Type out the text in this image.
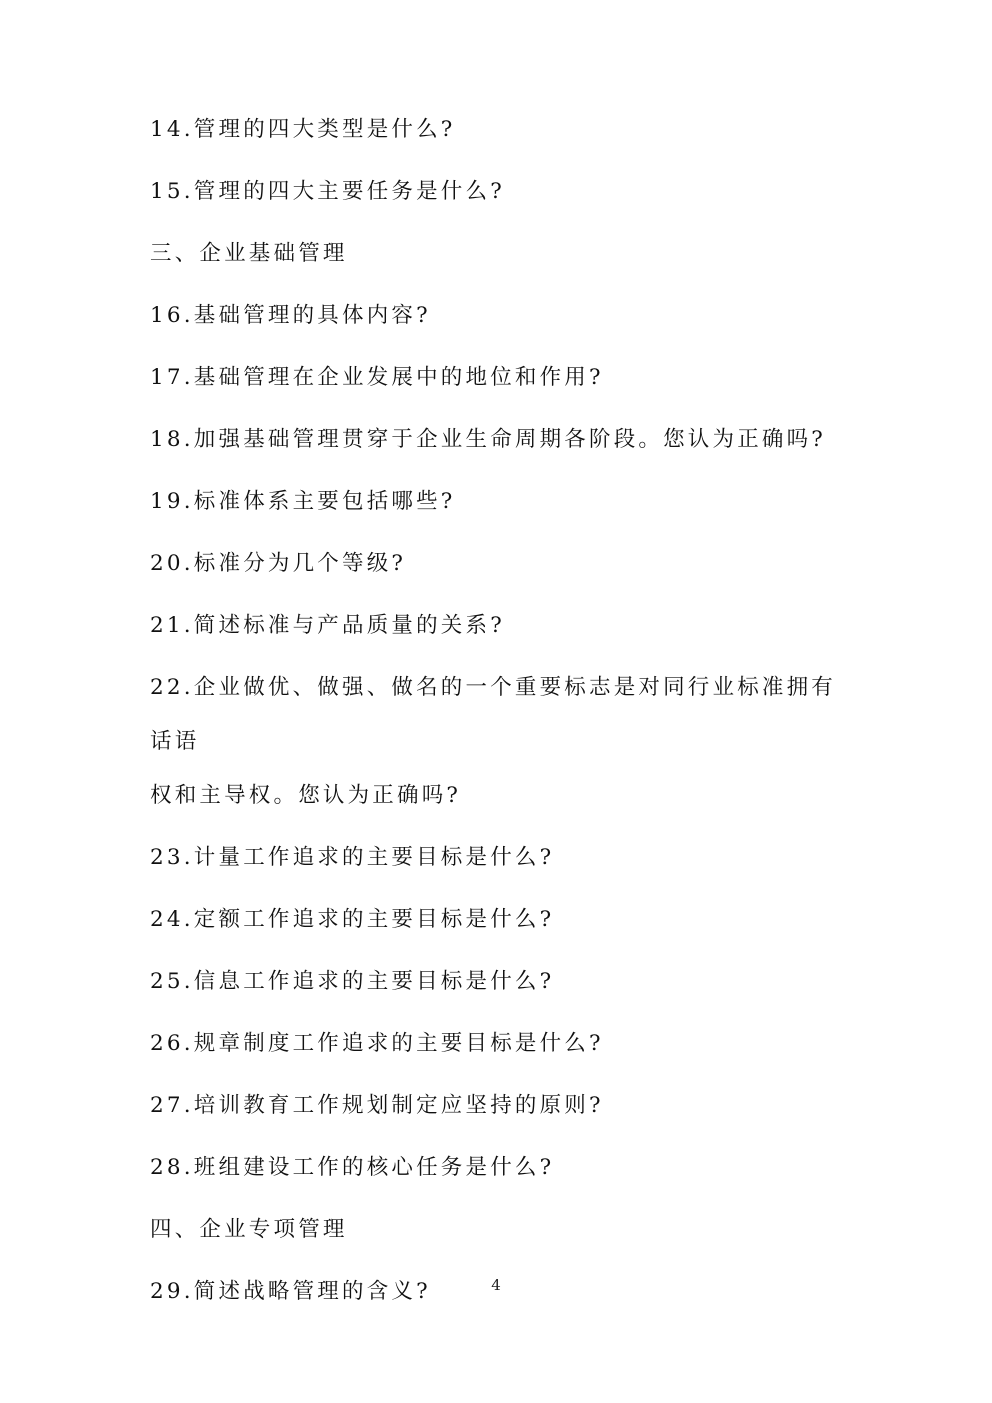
14.管理的四大类型是什么?
15.管理的四大主要任务是什么?
三、企业基础管理
16.基础管理的具体内容?
17.基础管理在企业发展中的地位和作用?
18.加强基础管理贯穿于企业生命周期各阶段。您认为正确吗?
19.标准体系主要包括哪些?
20.标准分为几个等级?
21.简述标准与产品质量的关系?
22.企业做优、做强、做名的一个重要标志是对同行业标准拥有话语
权和主导权。您认为正确吗?
23.计量工作追求的主要目标是什么?
24.定额工作追求的主要目标是什么?
25.信息工作追求的主要目标是什么?
26.规章制度工作追求的主要目标是什么?
27.培训教育工作规划制定应坚持的原则?
28.班组建设工作的核心任务是什么?
四、企业专项管理
29.简述战略管理的含义?	4
